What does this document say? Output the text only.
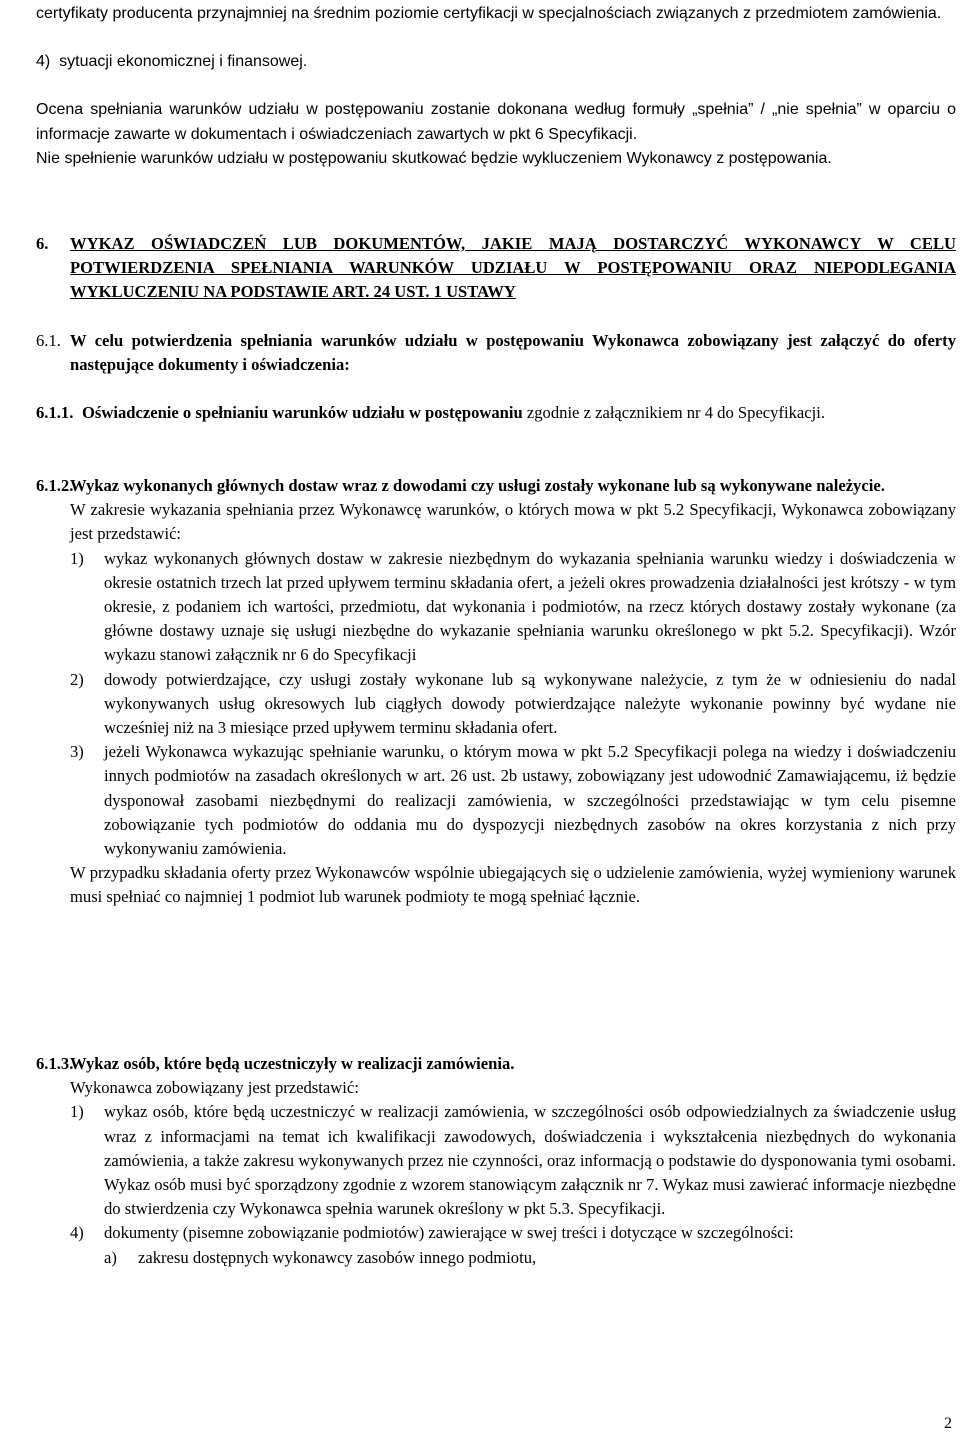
certyfikaty producenta przynajmniej na średnim poziomie certyfikacji w specjalnościach związanych z przedmiotem zamówienia.

4)  sytuacji ekonomicznej i finansowej.

Ocena spełniania warunków udziału w postępowaniu zostanie dokonana według formuły „spełnia” / „nie spełnia” w oparciu o informacje zawarte w dokumentach i oświadczeniach zawartych w pkt 6 Specyfikacji.

Nie spełnienie warunków udziału w postępowaniu skutkować będzie wykluczeniem Wykonawcy z postępowania.

6.	WYKAZ OŚWIADCZEŃ LUB DOKUMENTÓW, JAKIE MAJĄ DOSTARCZYĆ WYKONAWCY W CELU POTWIERDZENIA SPEŁNIANIA WARUNKÓW UDZIAŁU W POSTĘPOWANIU ORAZ NIEPODLEGANIA WYKLUCZENIU NA PODSTAWIE ART. 24 UST. 1 USTAWY
6.1. W celu potwierdzenia spełniania warunków udziału w postępowaniu Wykonawca zobowiązany jest załączyć do oferty następujące dokumenty i oświadczenia:
6.1.1. Oświadczenie o spełnianiu warunków udziału w postępowaniu zgodnie z załącznikiem nr 4 do Specyfikacji.
6.1.2.
Wykaz wykonanych głównych dostaw wraz z dowodami czy usługi zostały wykonane lub są wykonywane należycie.

W zakresie wykazania spełniania przez Wykonawcę warunków, o których mowa w pkt 5.2 Specyfikacji, Wykonawca zobowiązany jest przedstawić:

1)	wykaz wykonanych głównych dostaw w zakresie niezbędnym do wykazania spełniania warunku wiedzy i doświadczenia w okresie ostatnich trzech lat przed upływem terminu składania ofert, a jeżeli okres prowadzenia działalności jest krótszy - w tym okresie, z podaniem ich wartości, przedmiotu, dat wykonania i podmiotów, na rzecz których dostawy zostały wykonane (za główne dostawy uznaje się usługi niezbędne do wykazanie spełniania warunku określonego w pkt 5.2. Specyfikacji). Wzór wykazu stanowi załącznik nr 6 do Specyfikacji
2)	dowody potwierdzające, czy usługi zostały wykonane lub są wykonywane należycie, z tym że w odniesieniu do nadal wykonywanych usług okresowych lub ciągłych dowody potwierdzające należyte wykonanie powinny być wydane nie wcześniej niż na 3 miesiące przed upływem terminu składania ofert.
3)	jeżeli Wykonawca wykazując spełnianie warunku, o którym mowa w pkt 5.2 Specyfikacji polega na wiedzy i doświadczeniu innych podmiotów na zasadach określonych w art. 26 ust. 2b ustawy, zobowiązany jest udowodnić Zamawiającemu, iż będzie dysponował zasobami niezbędnymi do realizacji zamówienia, w szczególności przedstawiając w tym celu pisemne zobowiązanie tych podmiotów do oddania mu do dyspozycji niezbędnych zasobów na okres korzystania z nich przy wykonywaniu zamówienia.

W przypadku składania oferty przez Wykonawców wspólnie ubiegających się o udzielenie zamówienia, wyżej wymieniony warunek musi spełniać co najmniej 1 podmiot lub warunek podmioty te mogą spełniać łącznie.

6.1.3.
Wykaz osób, które będą uczestniczyły w realizacji zamówienia.

Wykonawca zobowiązany jest przedstawić:

1)	wykaz osób, które będą uczestniczyć w realizacji zamówienia, w szczególności osób odpowiedzialnych za świadczenie usług wraz z informacjami na temat ich kwalifikacji zawodowych, doświadczenia i wykształcenia niezbędnych do wykonania zamówienia, a także zakresu wykonywanych przez nie czynności, oraz informacją o podstawie do dysponowania tymi osobami. Wykaz osób musi być sporządzony zgodnie z wzorem stanowiącym załącznik nr 7. Wykaz musi zawierać informacje niezbędne do stwierdzenia czy Wykonawca spełnia warunek określony w pkt 5.3. Specyfikacji.
4)	dokumenty (pisemne zobowiązanie podmiotów) zawierające w swej treści i dotyczące w szczególności:
a)	zakresu dostępnych wykonawcy zasobów innego podmiotu,
2
